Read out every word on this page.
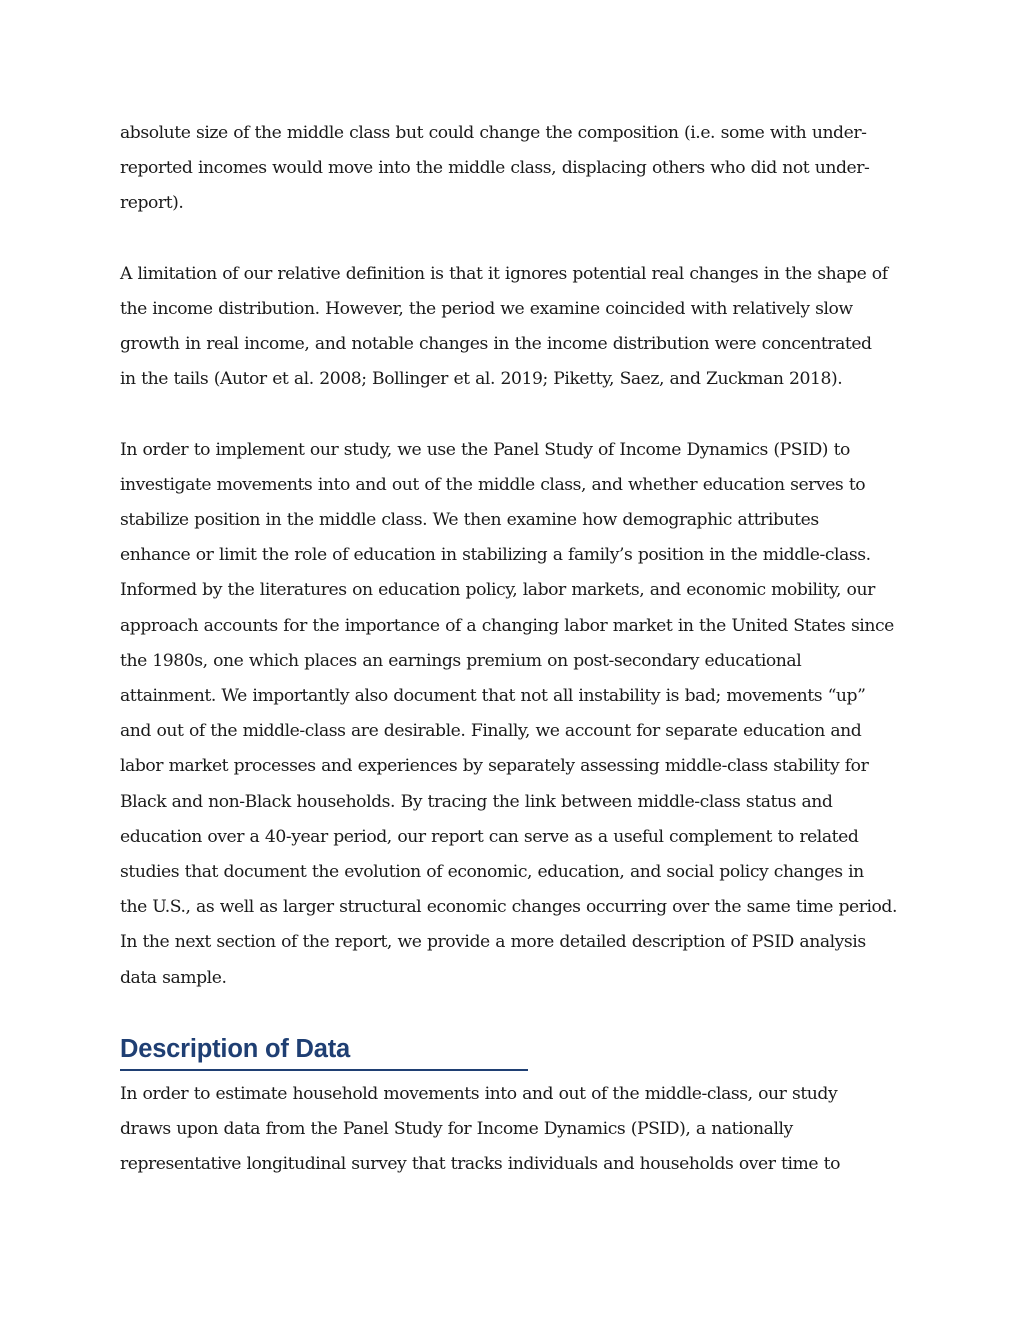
absolute size of the middle class but could change the composition (i.e. some with under-
reported incomes would move into the middle class, displacing others who did not under-
report).
A limitation of our relative definition is that it ignores potential real changes in the shape of
the income distribution. However, the period we examine coincided with relatively slow
growth in real income, and notable changes in the income distribution were concentrated
in the tails (Autor et al. 2008; Bollinger et al. 2019; Piketty, Saez, and Zuckman 2018).
In order to implement our study, we use the Panel Study of Income Dynamics (PSID) to
investigate movements into and out of the middle class, and whether education serves to
stabilize position in the middle class. We then examine how demographic attributes
enhance or limit the role of education in stabilizing a family’s position in the middle-class.
Informed by the literatures on education policy, labor markets, and economic mobility, our
approach accounts for the importance of a changing labor market in the United States since
the 1980s, one which places an earnings premium on post-secondary educational
attainment. We importantly also document that not all instability is bad; movements “up”
and out of the middle-class are desirable. Finally, we account for separate education and
labor market processes and experiences by separately assessing middle-class stability for
Black and non-Black households. By tracing the link between middle-class status and
education over a 40-year period, our report can serve as a useful complement to related
studies that document the evolution of economic, education, and social policy changes in
the U.S., as well as larger structural economic changes occurring over the same time period.
In the next section of the report, we provide a more detailed description of PSID analysis
data sample.
Description of Data
In order to estimate household movements into and out of the middle-class, our study
draws upon data from the Panel Study for Income Dynamics (PSID), a nationally
representative longitudinal survey that tracks individuals and households over time to
